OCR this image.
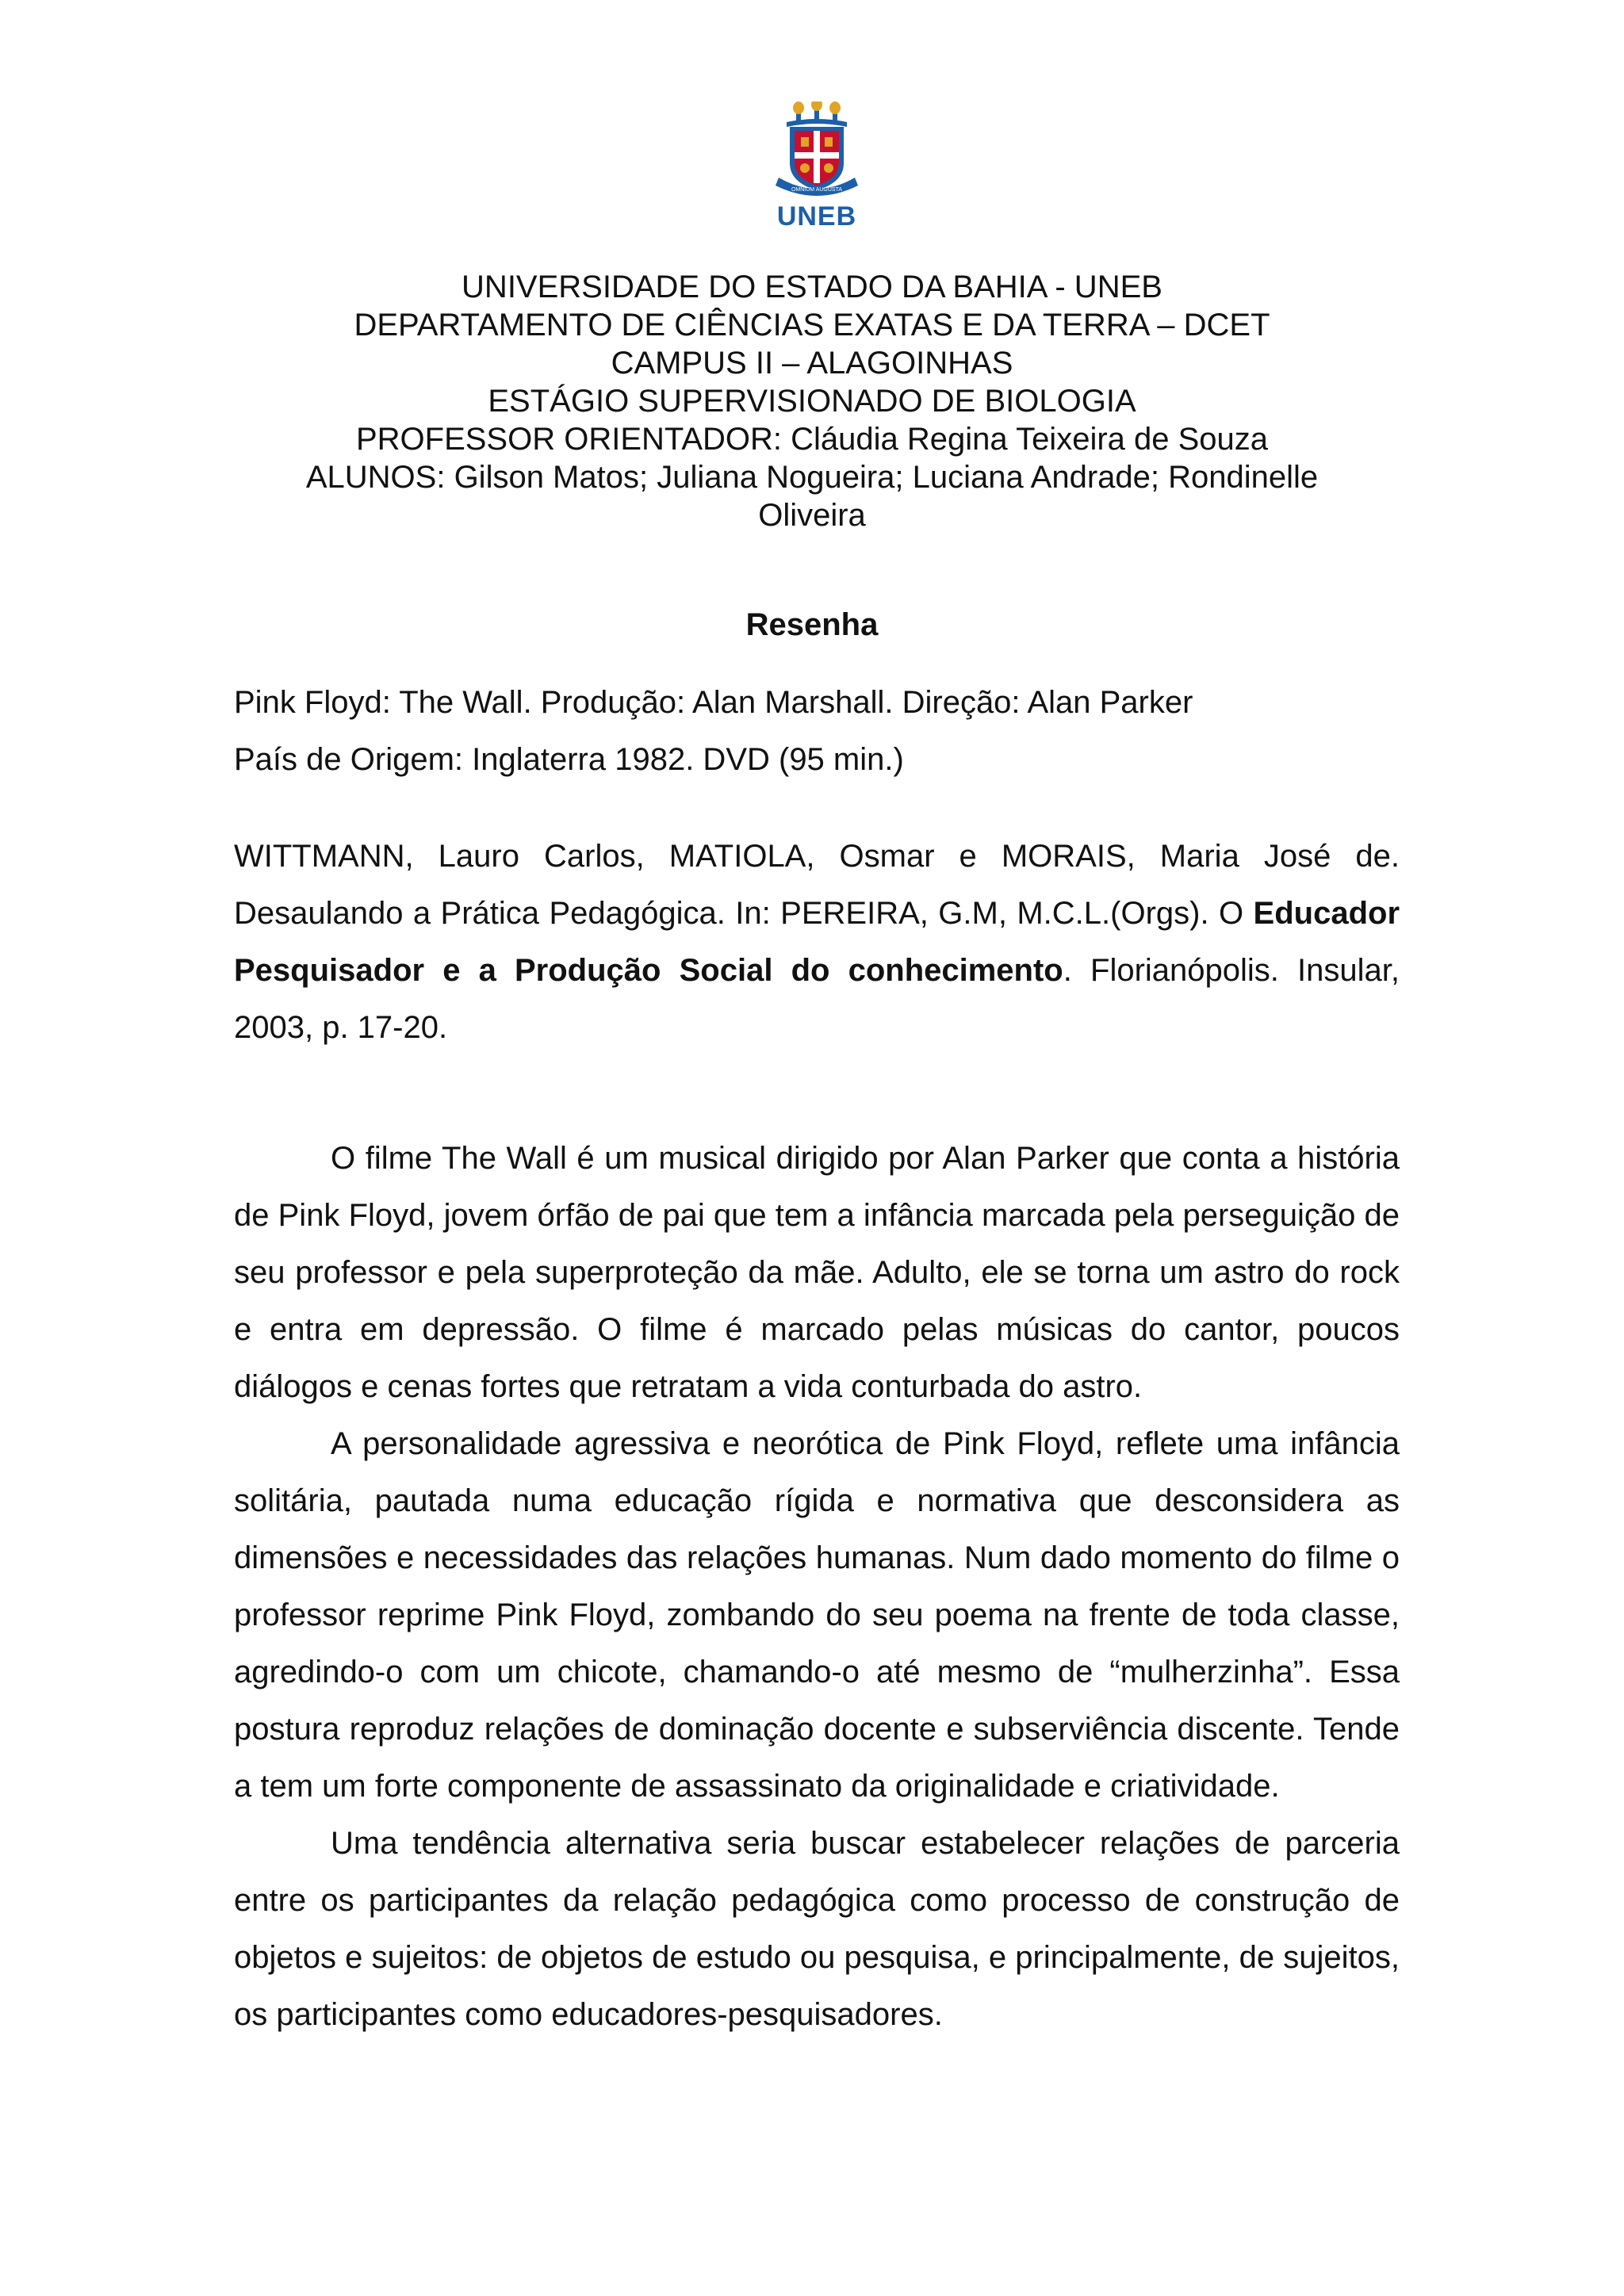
OMNIUM AUGUSTA
UNEB
UNIVERSIDADE DO ESTADO DA BAHIA - UNEB
DEPARTAMENTO DE CIÊNCIAS EXATAS E DA TERRA – DCET
CAMPUS II – ALAGOINHAS
ESTÁGIO SUPERVISIONADO DE BIOLOGIA
PROFESSOR ORIENTADOR: Cláudia Regina Teixeira de Souza
ALUNOS: Gilson Matos; Juliana Nogueira; Luciana Andrade; Rondinelle Oliveira
Resenha
Pink Floyd: The Wall. Produção: Alan Marshall. Direção: Alan Parker
País de Origem: Inglaterra 1982. DVD (95 min.)

WITTMANN, Lauro Carlos, MATIOLA, Osmar e MORAIS, Maria José de. Desaulando a Prática Pedagógica. In: PEREIRA, G.M, M.C.L.(Orgs). O Educador Pesquisador e a Produção Social do conhecimento. Florianópolis. Insular, 2003, p. 17-20.

O filme The Wall é um musical dirigido por Alan Parker que conta a história de Pink Floyd, jovem órfão de pai que tem a infância marcada pela perseguição de seu professor e pela superproteção da mãe. Adulto, ele se torna um astro do rock e entra em depressão. O filme é marcado pelas músicas do cantor, poucos diálogos e cenas fortes que retratam a vida conturbada do astro.

A personalidade agressiva e neorótica de Pink Floyd, reflete uma infância solitária, pautada numa educação rígida e normativa que desconsidera as dimensões e necessidades das relações humanas. Num dado momento do filme o professor reprime Pink Floyd, zombando do seu poema na frente de toda classe, agredindo-o com um chicote, chamando-o até mesmo de “mulherzinha”. Essa postura reproduz relações de dominação docente e subserviência discente. Tende a tem um forte componente de assassinato da originalidade e criatividade.

Uma tendência alternativa seria buscar estabelecer relações de parceria entre os participantes da relação pedagógica como processo de construção de objetos e sujeitos: de objetos de estudo ou pesquisa, e principalmente, de sujeitos, os participantes como educadores-pesquisadores.
